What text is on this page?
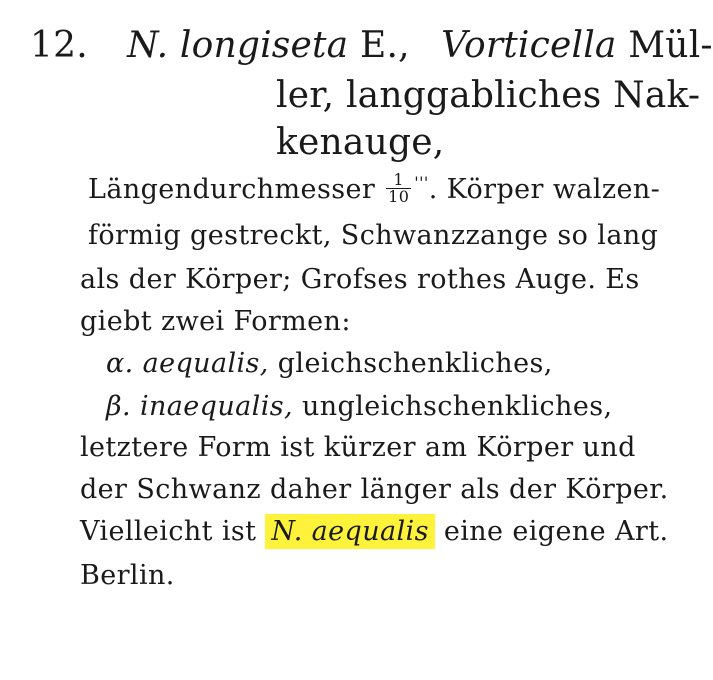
12. N. longiseta E., Vorticella Mül-
ler, langgabliches Nak-
kenauge,
Längendurchmesser $\frac{1}{10} '''$. Körper walzen-
förmig gestreckt, Schwanzzange so lang
als der Körper; Grofses rothes Auge. Es
giebt zwei Formen:
α. aequalis, gleichschenkliches,
β. inaequalis, ungleichschenkliches,
letztere Form ist kürzer am Körper und
der Schwanz daher länger als der Körper.
Vielleicht ist N. aequalis eine eigene Art.
Berlin.
